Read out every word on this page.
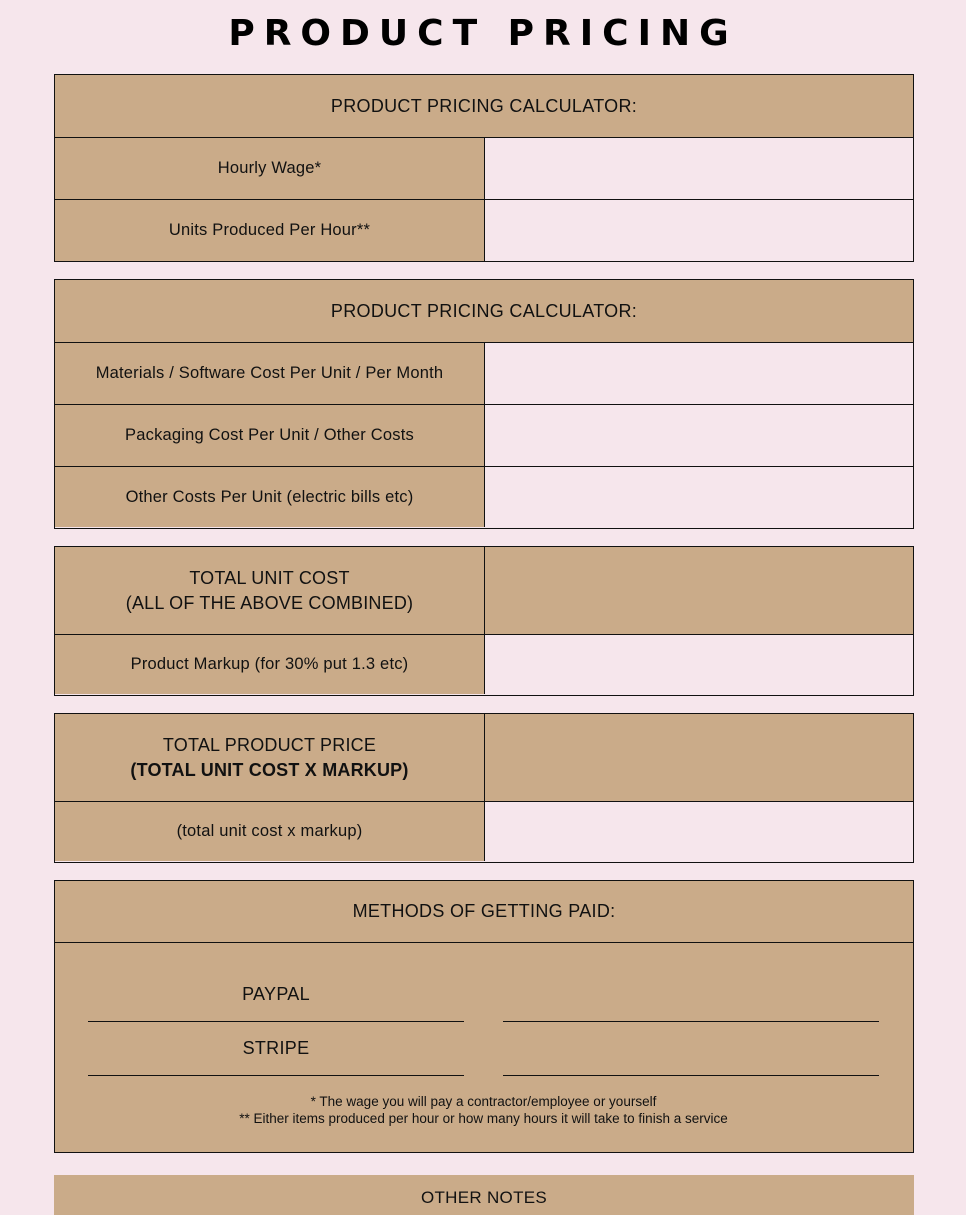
PRODUCT PRICING
PRODUCT PRICING CALCULATOR:
Hourly Wage*
Units Produced Per Hour**
PRODUCT PRICING CALCULATOR:
Materials / Software Cost Per Unit / Per Month
Packaging Cost Per Unit / Other Costs
Other Costs Per Unit (electric bills etc)
TOTAL UNIT COST
(ALL OF THE ABOVE COMBINED)
Product Markup (for 30% put 1.3 etc)
TOTAL PRODUCT PRICE
(TOTAL UNIT COST X MARKUP)
(total unit cost x markup)
METHODS OF GETTING PAID:
PAYPAL
STRIPE
* The wage you will pay a contractor/employee or yourself
** Either items produced per hour or how many hours it will take to finish a service
OTHER NOTES
